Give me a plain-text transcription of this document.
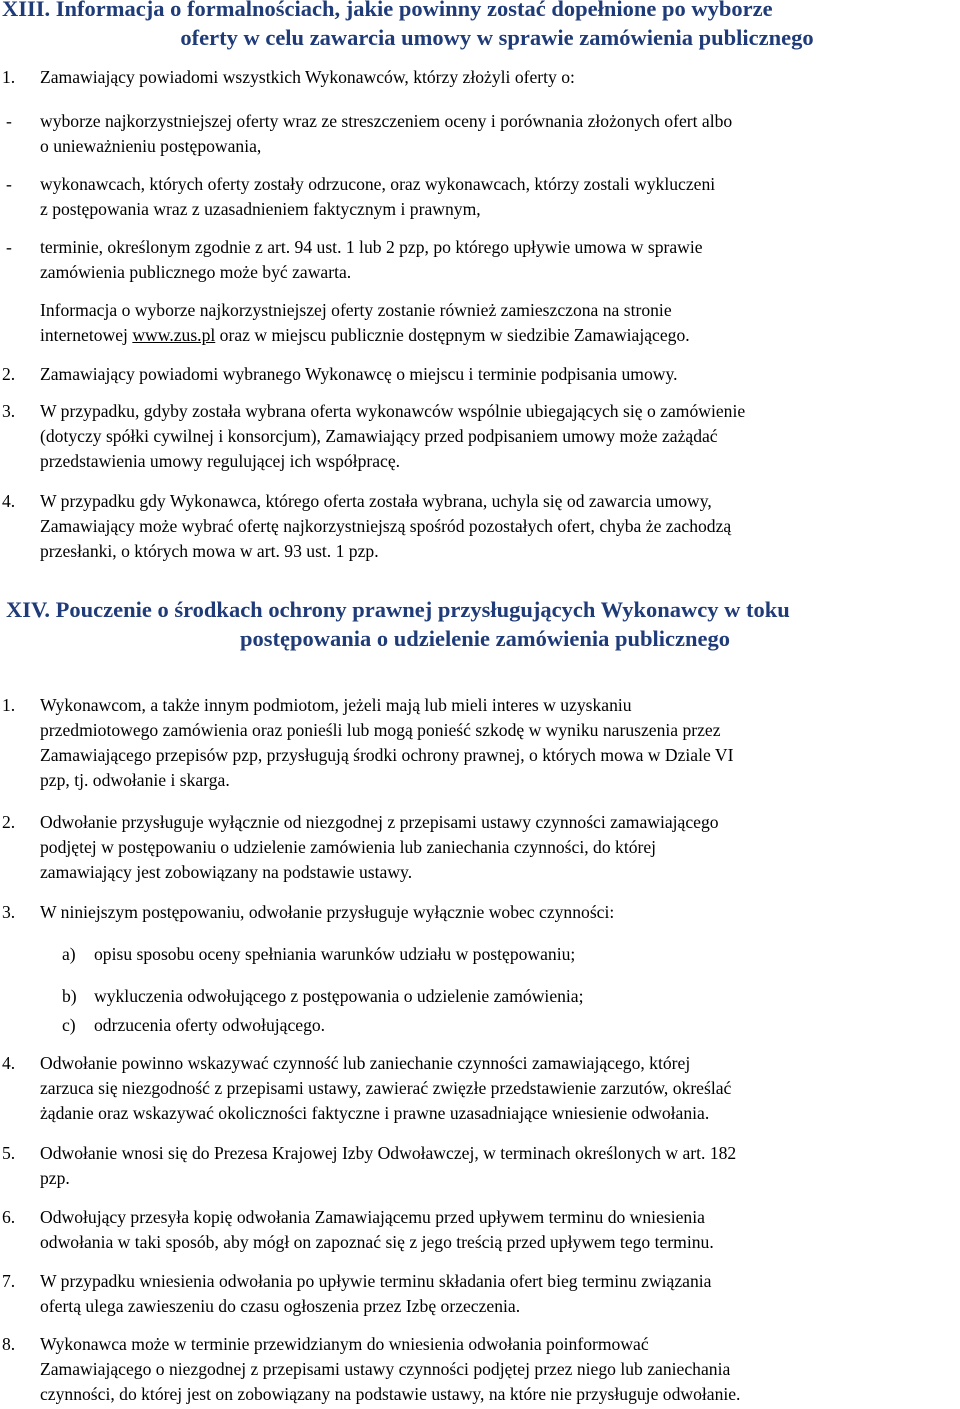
XIII. Informacja o formalnościach, jakie powinny zostać dopełnione po wyborze
oferty w celu zawarcia umowy w sprawie zamówienia publicznego
1. Zamawiający powiadomi wszystkich Wykonawców, którzy złożyli oferty o:
- wyborze najkorzystniejszej oferty wraz ze streszczeniem oceny i porównania złożonych ofert albo
o unieważnieniu postępowania,
- wykonawcach, których oferty zostały odrzucone, oraz wykonawcach, którzy zostali wykluczeni
z postępowania wraz z uzasadnieniem faktycznym i prawnym,
- terminie, określonym zgodnie z art. 94 ust. 1 lub 2 pzp, po którego upływie umowa w sprawie
zamówienia publicznego może być zawarta.
Informacja o wyborze najkorzystniejszej oferty zostanie również zamieszczona na stronie
internetowej www.zus.pl oraz w miejscu publicznie dostępnym w siedzibie Zamawiającego.
2. Zamawiający powiadomi wybranego Wykonawcę o miejscu i terminie podpisania umowy.
3. W przypadku, gdyby została wybrana oferta wykonawców wspólnie ubiegających się o zamówienie
(dotyczy spółki cywilnej i konsorcjum), Zamawiający przed podpisaniem umowy może zażądać
przedstawienia umowy regulującej ich współpracę.
4. W przypadku gdy Wykonawca, którego oferta została wybrana, uchyla się od zawarcia umowy,
Zamawiający może wybrać ofertę najkorzystniejszą spośród pozostałych ofert, chyba że zachodzą
przesłanki, o których mowa w art. 93 ust. 1 pzp.
XIV. Pouczenie o środkach ochrony prawnej przysługujących Wykonawcy w toku
postępowania o udzielenie zamówienia publicznego
1. Wykonawcom, a także innym podmiotom, jeżeli mają lub mieli interes w uzyskaniu
przedmiotowego zamówienia oraz ponieśli lub mogą ponieść szkodę w wyniku naruszenia przez
Zamawiającego przepisów pzp, przysługują środki ochrony prawnej, o których mowa w Dziale VI
pzp, tj. odwołanie i skarga.
2. Odwołanie przysługuje wyłącznie od niezgodnej z przepisami ustawy czynności zamawiającego
podjętej w postępowaniu o udzielenie zamówienia lub zaniechania czynności, do której
zamawiający jest zobowiązany na podstawie ustawy.
3. W niniejszym postępowaniu, odwołanie przysługuje wyłącznie wobec czynności:
a) opisu sposobu oceny spełniania warunków udziału w postępowaniu;
b) wykluczenia odwołującego z postępowania o udzielenie zamówienia;
c) odrzucenia oferty odwołującego.
4. Odwołanie powinno wskazywać czynność lub zaniechanie czynności zamawiającego, której
zarzuca się niezgodność z przepisami ustawy, zawierać zwięzłe przedstawienie zarzutów, określać
żądanie oraz wskazywać okoliczności faktyczne i prawne uzasadniające wniesienie odwołania.
5. Odwołanie wnosi się do Prezesa Krajowej Izby Odwoławczej, w terminach określonych w art. 182
pzp.
6. Odwołujący przesyła kopię odwołania Zamawiającemu przed upływem terminu do wniesienia
odwołania w taki sposób, aby mógł on zapoznać się z jego treścią przed upływem tego terminu.
7. W przypadku wniesienia odwołania po upływie terminu składania ofert bieg terminu związania
ofertą ulega zawieszeniu do czasu ogłoszenia przez Izbę orzeczenia.
8. Wykonawca może w terminie przewidzianym do wniesienia odwołania poinformować
Zamawiającego o niezgodnej z przepisami ustawy czynności podjętej przez niego lub zaniechania
czynności, do której jest on zobowiązany na podstawie ustawy, na które nie przysługuje odwołanie.
